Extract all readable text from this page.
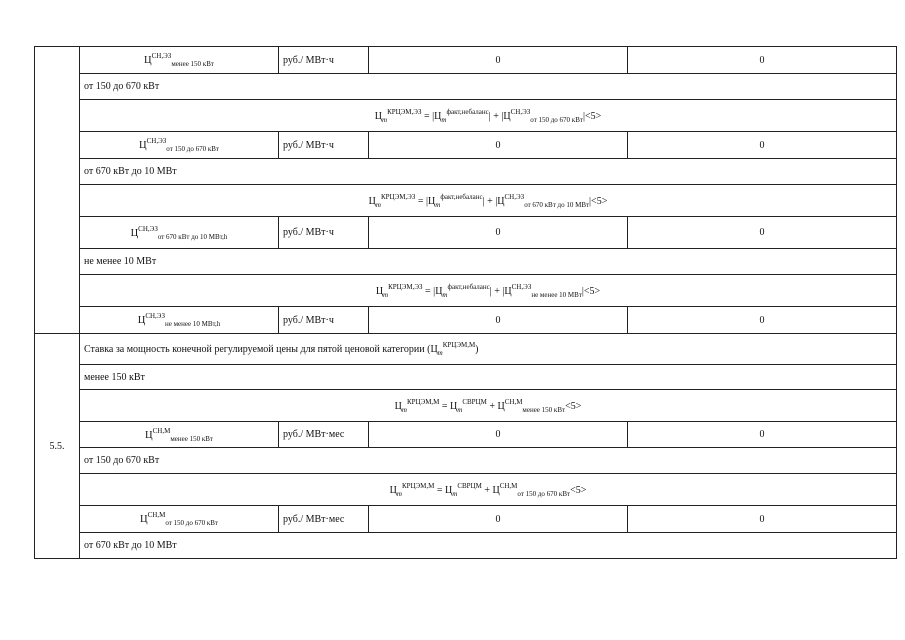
	$Ц^{СН,ЭЗ}_{менее 150 кВт}$	руб./ МВт·ч	0	0
	от 150 до 670 кВт			
	$Ц_m^{КРЦЭМ,ЭЗ} = |Ц_m^{факт,небаланс}| + |Ц^{СН,ЭЗ}_{от 150 до 670 кВт}|<5>$			
	$Ц^{СН,ЭЗ}_{от 150 до 670 кВт}$	руб./ МВт·ч	0	0
	от 670 кВт до 10 МВт			
	$Ц_m^{КРЦЭМ,ЭЗ} = |Ц_m^{факт,небаланс}| + |Ц^{СН,ЭЗ}_{от 670 кВт до 10 МВт}|<5>$			
	$Ц^{СН,ЭЗ}_{от 670 кВт до 10 МВт,h}$	руб./ МВт·ч	0	0
	не менее 10 МВт			
	$Ц_m^{КРЦЭМ,ЭЗ} = |Ц_m^{факт,небаланс}| + |Ц^{СН,ЭЗ}_{не менее 10 МВт}|<5>$			
	$Ц^{СН,ЭЗ}_{не менее 10 МВт,h}$	руб./ МВт·ч	0	0
5.5.	Ставка за мощность конечной регулируемой цены для пятой ценовой категории $(Ц_m^{КРЦЭМ,М})$			
	менее 150 кВт			
	$Ц_m^{КРЦЭМ,М} = Ц_m^{СВРЦМ} + Ц^{СН,М}_{менее 150 кВт}<5>$			
	$Ц^{СН,М}_{менее 150 кВт}$	руб./ МВт·мес	0	0
	от 150 до 670 кВт			
	$Ц_m^{КРЦЭМ,М} = Ц_m^{СВРЦМ} + Ц^{СН,М}_{от 150 до 670 кВт}<5>$			
	$Ц^{СН,М}_{от 150 до 670 кВт}$	руб./ МВт·мес	0	0
	от 670 кВт до 10 МВт			
